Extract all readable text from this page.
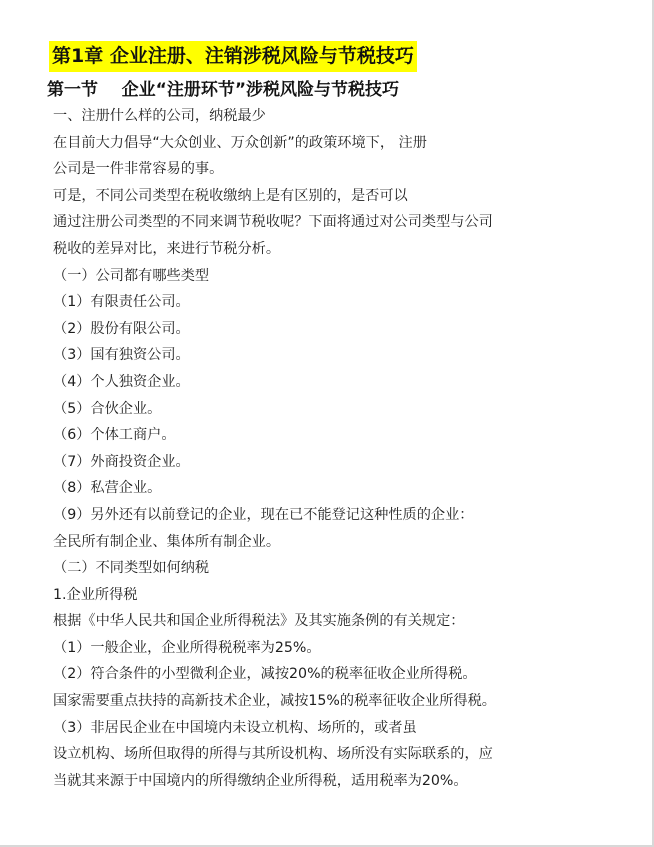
第1章 企业注册、注销涉税风险与节税技巧
第一节    企业“注册环节”涉税风险与节税技巧
一、注册什么样的公司，纳税最少
在目前大力倡导“大众创业、万众创新”的政策环境下， 注册
公司是一件非常容易的事。
可是，不同公司类型在税收缴纳上是有区别的，是否可以
通过注册公司类型的不同来调节税收呢？下面将通过对公司类型与公司
税收的差异对比，来进行节税分析。
（一）公司都有哪些类型
（1）有限责任公司。
（2）股份有限公司。
（3）国有独资公司。
（4）个人独资企业。
（5）合伙企业。
（6）个体工商户。
（7）外商投资企业。
（8）私营企业。
（9）另外还有以前登记的企业，现在已不能登记这种性质的企业：
全民所有制企业、集体所有制企业。
（二）不同类型如何纳税
1.企业所得税
根据《中华人民共和国企业所得税法》及其实施条例的有关规定：
（1）一般企业，企业所得税税率为25%。
（2）符合条件的小型微利企业，减按20%的税率征收企业所得税。
国家需要重点扶持的高新技术企业，减按15%的税率征收企业所得税。
（3）非居民企业在中国境内未设立机构、场所的，或者虽
设立机构、场所但取得的所得与其所设机构、场所没有实际联系的，应
当就其来源于中国境内的所得缴纳企业所得税，适用税率为20%。
